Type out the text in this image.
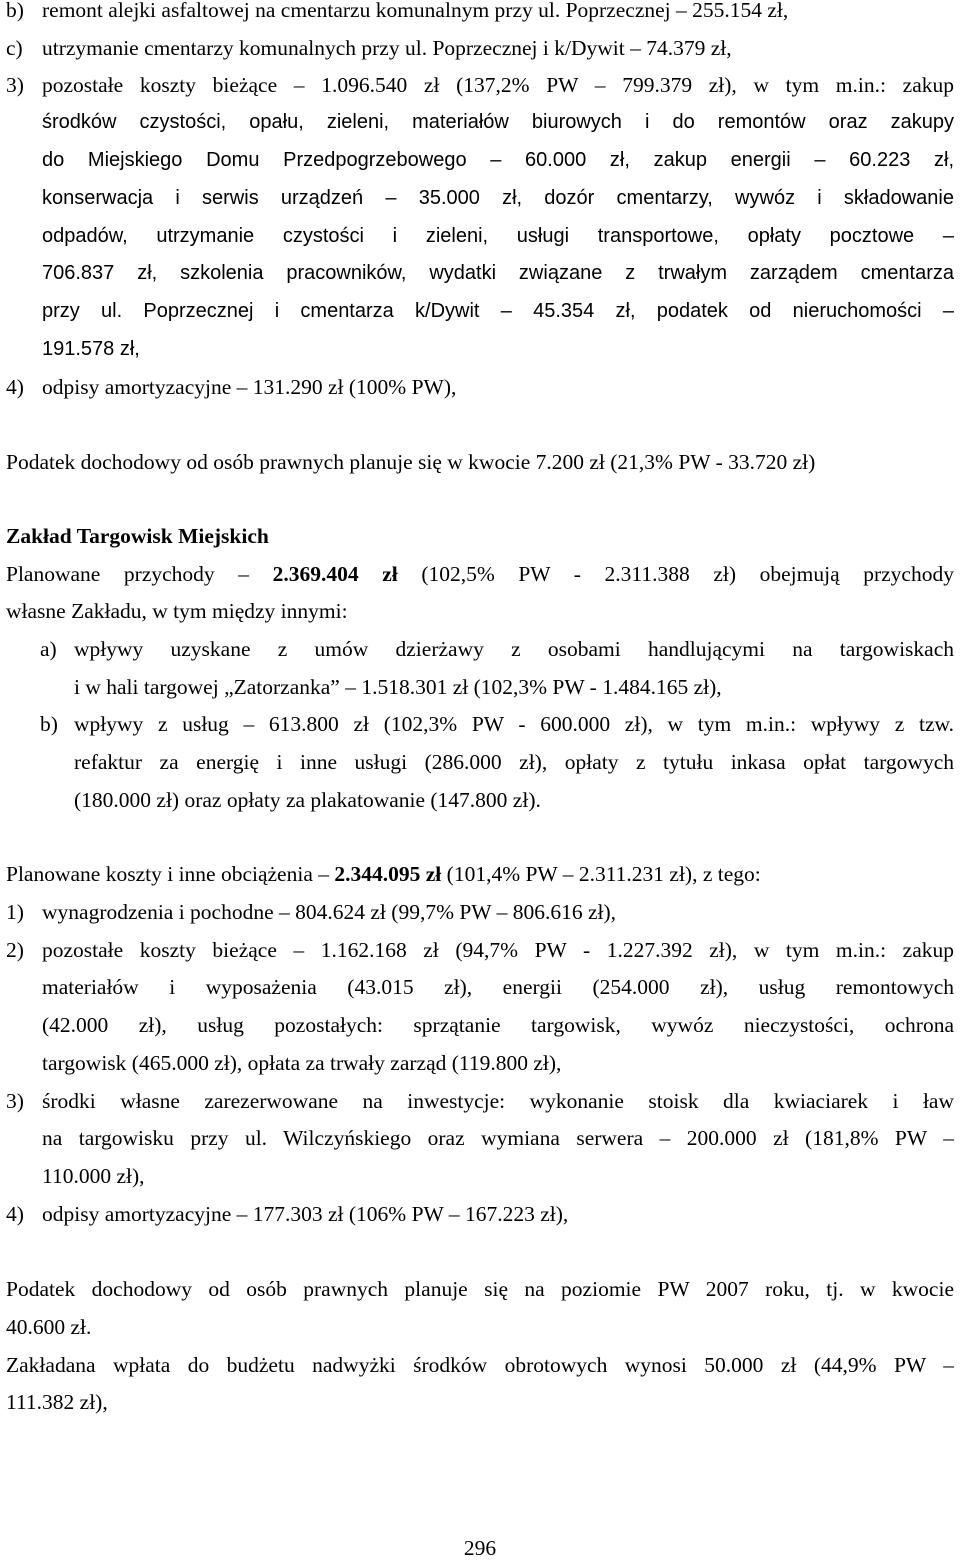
b) remont alejki asfaltowej na cmentarzu komunalnym przy ul. Poprzecznej – 255.154 zł,
c) utrzymanie cmentarzy komunalnych przy ul. Poprzecznej i k/Dywit – 74.379 zł,
3) pozostałe koszty bieżące – 1.096.540 zł (137,2% PW – 799.379 zł), w tym m.in.: zakup
środków czystości, opału, zieleni, materiałów biurowych i do remontów oraz zakupy
do Miejskiego Domu Przedpogrzebowego – 60.000 zł, zakup energii – 60.223 zł,
konserwacja i serwis urządzeń – 35.000 zł, dozór cmentarzy, wywóz i składowanie
odpadów, utrzymanie czystości i zieleni, usługi transportowe, opłaty pocztowe –
706.837 zł, szkolenia pracowników, wydatki związane z trwałym zarządem cmentarza
przy ul. Poprzecznej i cmentarza k/Dywit – 45.354 zł, podatek od nieruchomości –
191.578 zł,
4) odpisy amortyzacyjne – 131.290 zł (100% PW),
Podatek dochodowy od osób prawnych planuje się w kwocie 7.200 zł (21,3% PW - 33.720 zł)
Zakład Targowisk Miejskich
Planowane przychody – 2.369.404 zł (102,5% PW - 2.311.388 zł) obejmują przychody
własne Zakładu, w tym między innymi:
a) wpływy uzyskane z umów dzierżawy z osobami handlującymi na targowiskach
i w hali targowej „Zatorzanka” – 1.518.301 zł (102,3% PW - 1.484.165 zł),
b) wpływy z usług – 613.800 zł (102,3% PW - 600.000 zł), w tym m.in.: wpływy z tzw.
refaktur za energię i inne usługi (286.000 zł), opłaty z tytułu inkasa opłat targowych
(180.000 zł) oraz opłaty za plakatowanie (147.800 zł).
Planowane koszty i inne obciążenia – 2.344.095 zł (101,4% PW – 2.311.231 zł), z tego:
1) wynagrodzenia i pochodne – 804.624 zł (99,7% PW – 806.616 zł),
2) pozostałe koszty bieżące – 1.162.168 zł (94,7% PW - 1.227.392 zł), w tym m.in.: zakup
materiałów i wyposażenia (43.015 zł), energii (254.000 zł), usług remontowych
(42.000 zł), usług pozostałych: sprzątanie targowisk, wywóz nieczystości, ochrona
targowisk (465.000 zł), opłata za trwały zarząd (119.800 zł),
3) środki własne zarezerwowane na inwestycje: wykonanie stoisk dla kwiaciarek i ław
na targowisku przy ul. Wilczyńskiego oraz wymiana serwera – 200.000 zł (181,8% PW –
110.000 zł),
4) odpisy amortyzacyjne – 177.303 zł (106% PW – 167.223 zł),
Podatek dochodowy od osób prawnych planuje się na poziomie PW 2007 roku, tj. w kwocie
40.600 zł.
Zakładana wpłata do budżetu nadwyżki środków obrotowych wynosi 50.000 zł (44,9% PW –
111.382 zł),
296
